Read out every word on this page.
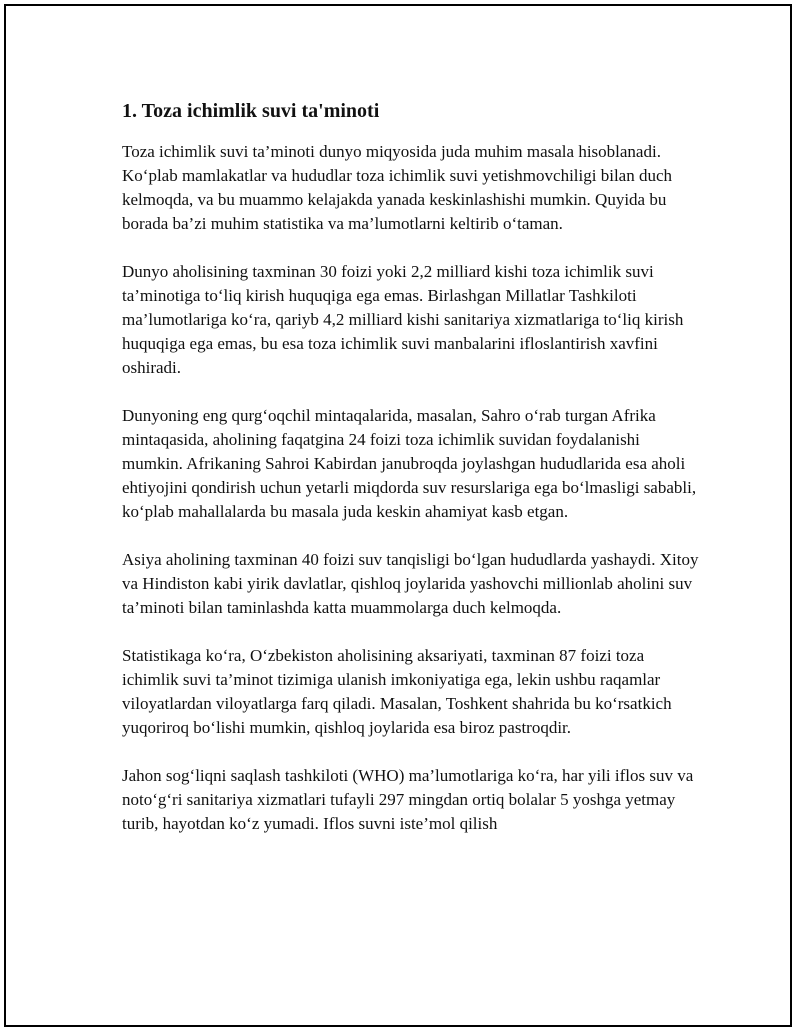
1. Toza ichimlik suvi ta'minoti

Toza ichimlik suvi ta’minoti dunyo miqyosida juda muhim masala hisoblanadi. Ko‘plab mamlakatlar va hududlar toza ichimlik suvi yetishmovchiligi bilan duch kelmoqda, va bu muammo kelajakda yanada keskinlashishi mumkin. Quyida bu borada ba’zi muhim statistika va ma’lumotlarni keltirib o‘taman.

Dunyo aholisining taxminan 30 foizi yoki 2,2 milliard kishi toza ichimlik suvi ta’minotiga to‘liq kirish huquqiga ega emas. Birlashgan Millatlar Tashkiloti ma’lumotlariga ko‘ra, qariyb 4,2 milliard kishi sanitariya xizmatlariga to‘liq kirish huquqiga ega emas, bu esa toza ichimlik suvi manbalarini ifloslantirish xavfini oshiradi.

Dunyoning eng qurg‘oqchil mintaqalarida, masalan, Sahro o‘rab turgan Afrika mintaqasida, aholining faqatgina 24 foizi toza ichimlik suvidan foydalanishi mumkin. Afrikaning Sahroi Kabirdan janubroqda joylashgan hududlarida esa aholi ehtiyojini qondirish uchun yetarli miqdorda suv resurslariga ega bo‘lmasligi sababli, ko‘plab mahallalarda bu masala juda keskin ahamiyat kasb etgan.

Asiya aholining taxminan 40 foizi suv tanqisligi bo‘lgan hududlarda yashaydi. Xitoy va Hindiston kabi yirik davlatlar, qishloq joylarida yashovchi millionlab aholini suv ta’minoti bilan taminlashda katta muammolarga duch kelmoqda.

Statistikaga ko‘ra, O‘zbekiston aholisining aksariyati, taxminan 87 foizi toza ichimlik suvi ta’minot tizimiga ulanish imkoniyatiga ega, lekin ushbu raqamlar viloyatlardan viloyatlarga farq qiladi. Masalan, Toshkent shahrida bu ko‘rsatkich yuqoriroq bo‘lishi mumkin, qishloq joylarida esa biroz pastroqdir.

Jahon sog‘liqni saqlash tashkiloti (WHO) ma’lumotlariga ko‘ra, har yili iflos suv va noto‘g‘ri sanitariya xizmatlari tufayli 297 mingdan ortiq bolalar 5 yoshga yetmay turib, hayotdan ko‘z yumadi. Iflos suvni iste’mol qilish
